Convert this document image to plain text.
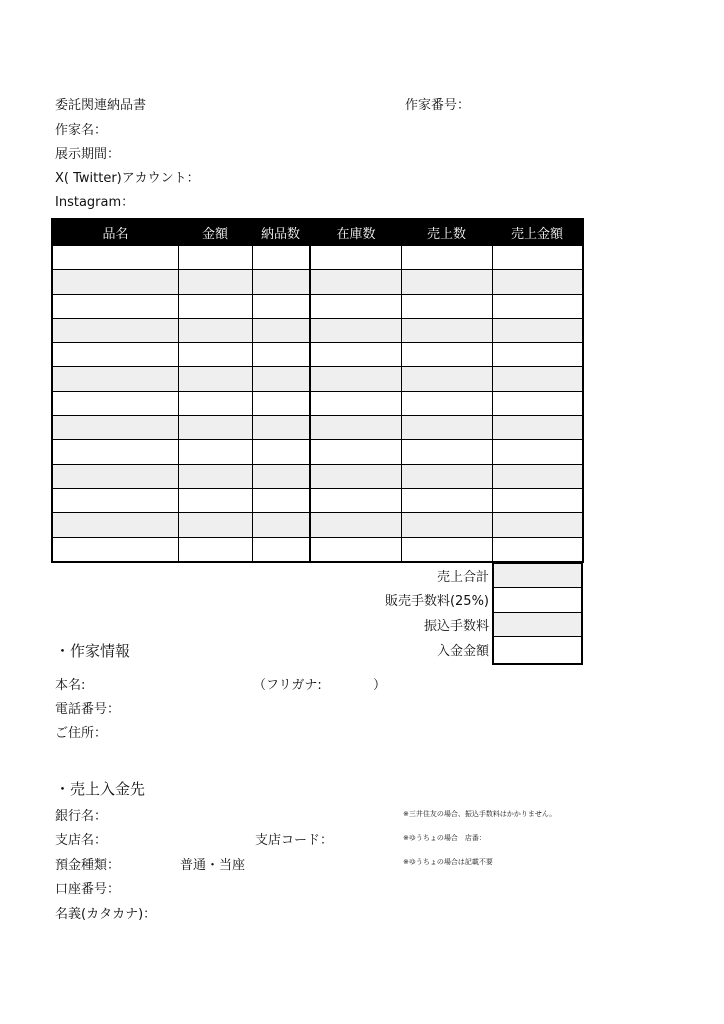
委託関連納品書	作家番号：
作家名：
展示期間：
X( Twitter)アカウント：
Instagram：
品名	金額	納品数	在庫数	売上数	売上金額

売上合計
販売手数料(25%)
振込手数料
入金金額

・作家情報
本名:	（フリガナ:	）
電話番号：
ご住所：
・売上入金先
銀行名：	※三井住友の場合、振込手数料はかかりません。
支店名：	支店コード：	※ゆうちょの場合　店番：
預金種類：	普通・当座	※ゆうちょの場合は記載不要
口座番号：
名義(カタカナ)：
